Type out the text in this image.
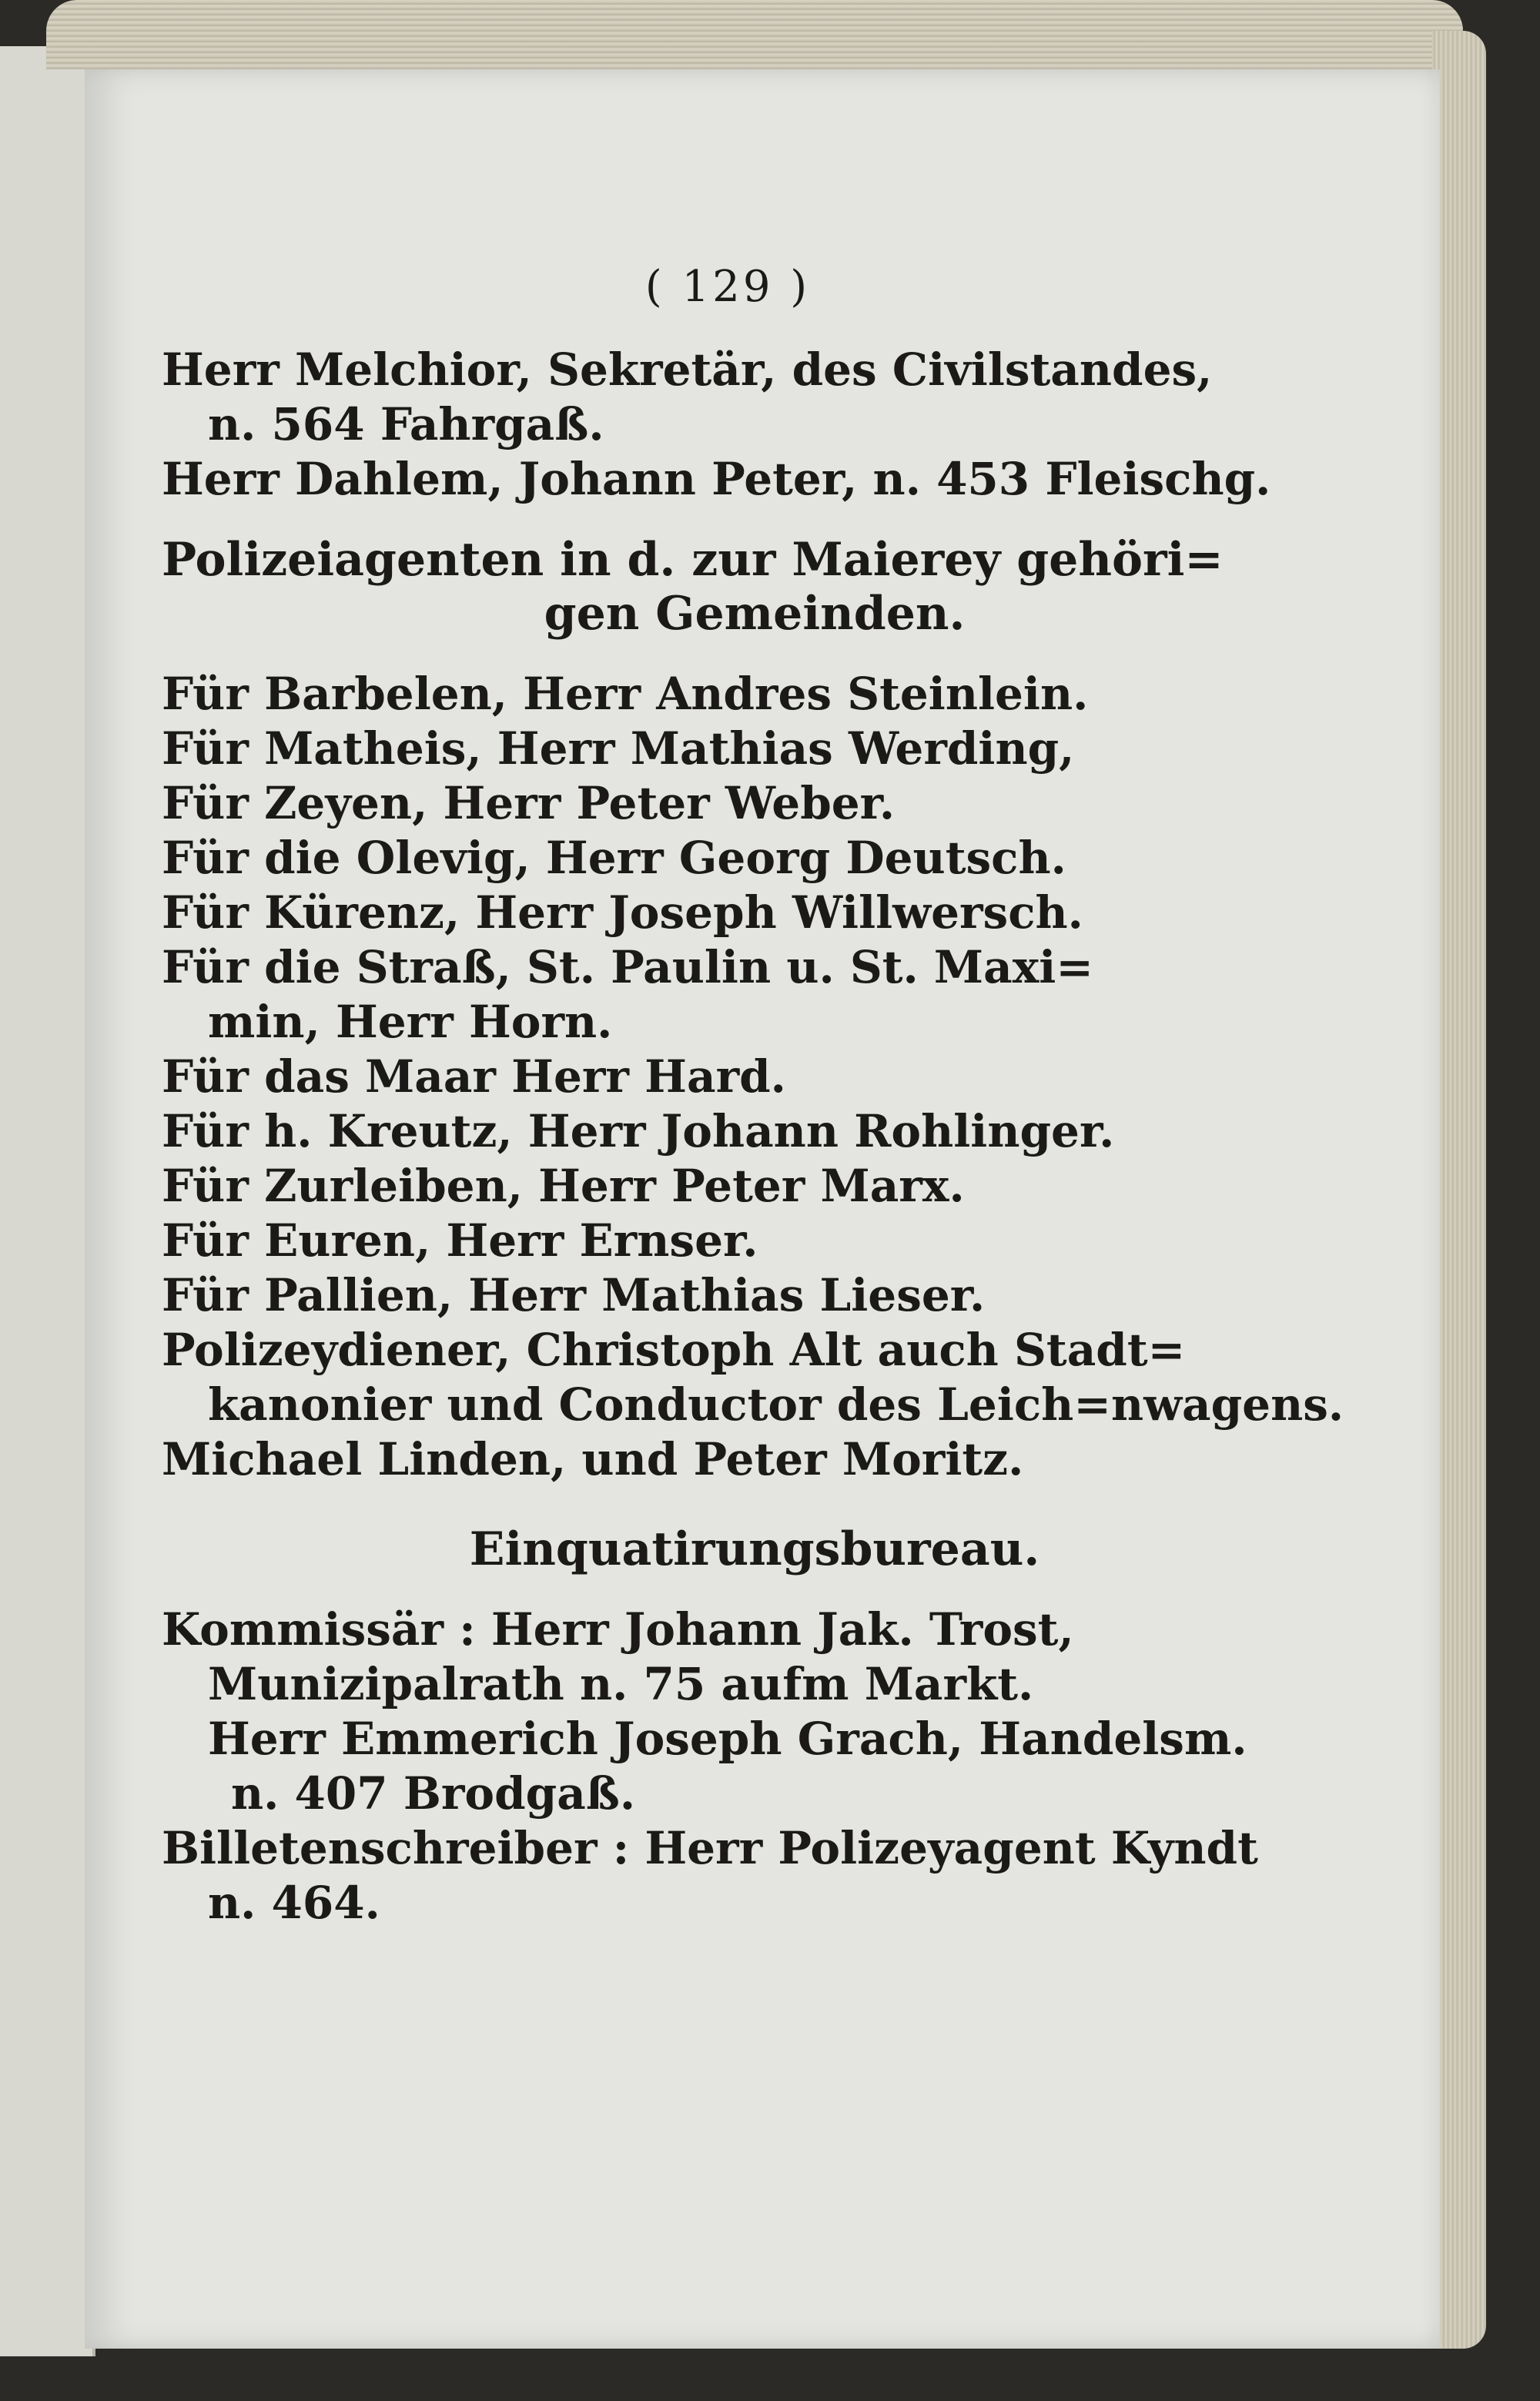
( 129 )
Herr Melchior, Sekretär, des Civilstandes,
n. 564 Fahrgaß.
Herr Dahlem, Johann Peter, n. 453 Fleischg.
Polizeiagenten in d. zur Maierey gehöri=
gen Gemeinden.
Für Barbelen, Herr Andres Steinlein.
Für Matheis, Herr Mathias Werding,
Für Zeyen, Herr Peter Weber.
Für die Olevig, Herr Georg Deutsch.
Für Kürenz, Herr Joseph Willwersch.
Für die Straß, St. Paulin u. St. Maxi=
min, Herr Horn.
Für das Maar Herr Hard.
Für h. Kreutz, Herr Johann Rohlinger.
Für Zurleiben, Herr Peter Marx.
Für Euren, Herr Ernser.
Für Pallien, Herr Mathias Lieser.
Polizeydiener, Christoph Alt auch Stadt=
kanonier und Conductor des Leich=nwagens.
Michael Linden, und Peter Moritz.
Einquatirungsbureau.
Kommissär : Herr Johann Jak. Trost,
Munizipalrath n. 75 aufm Markt.
Herr Emmerich Joseph Grach, Handelsm.
n. 407 Brodgaß.
Billetenschreiber : Herr Polizeyagent Kyndt
n. 464.
